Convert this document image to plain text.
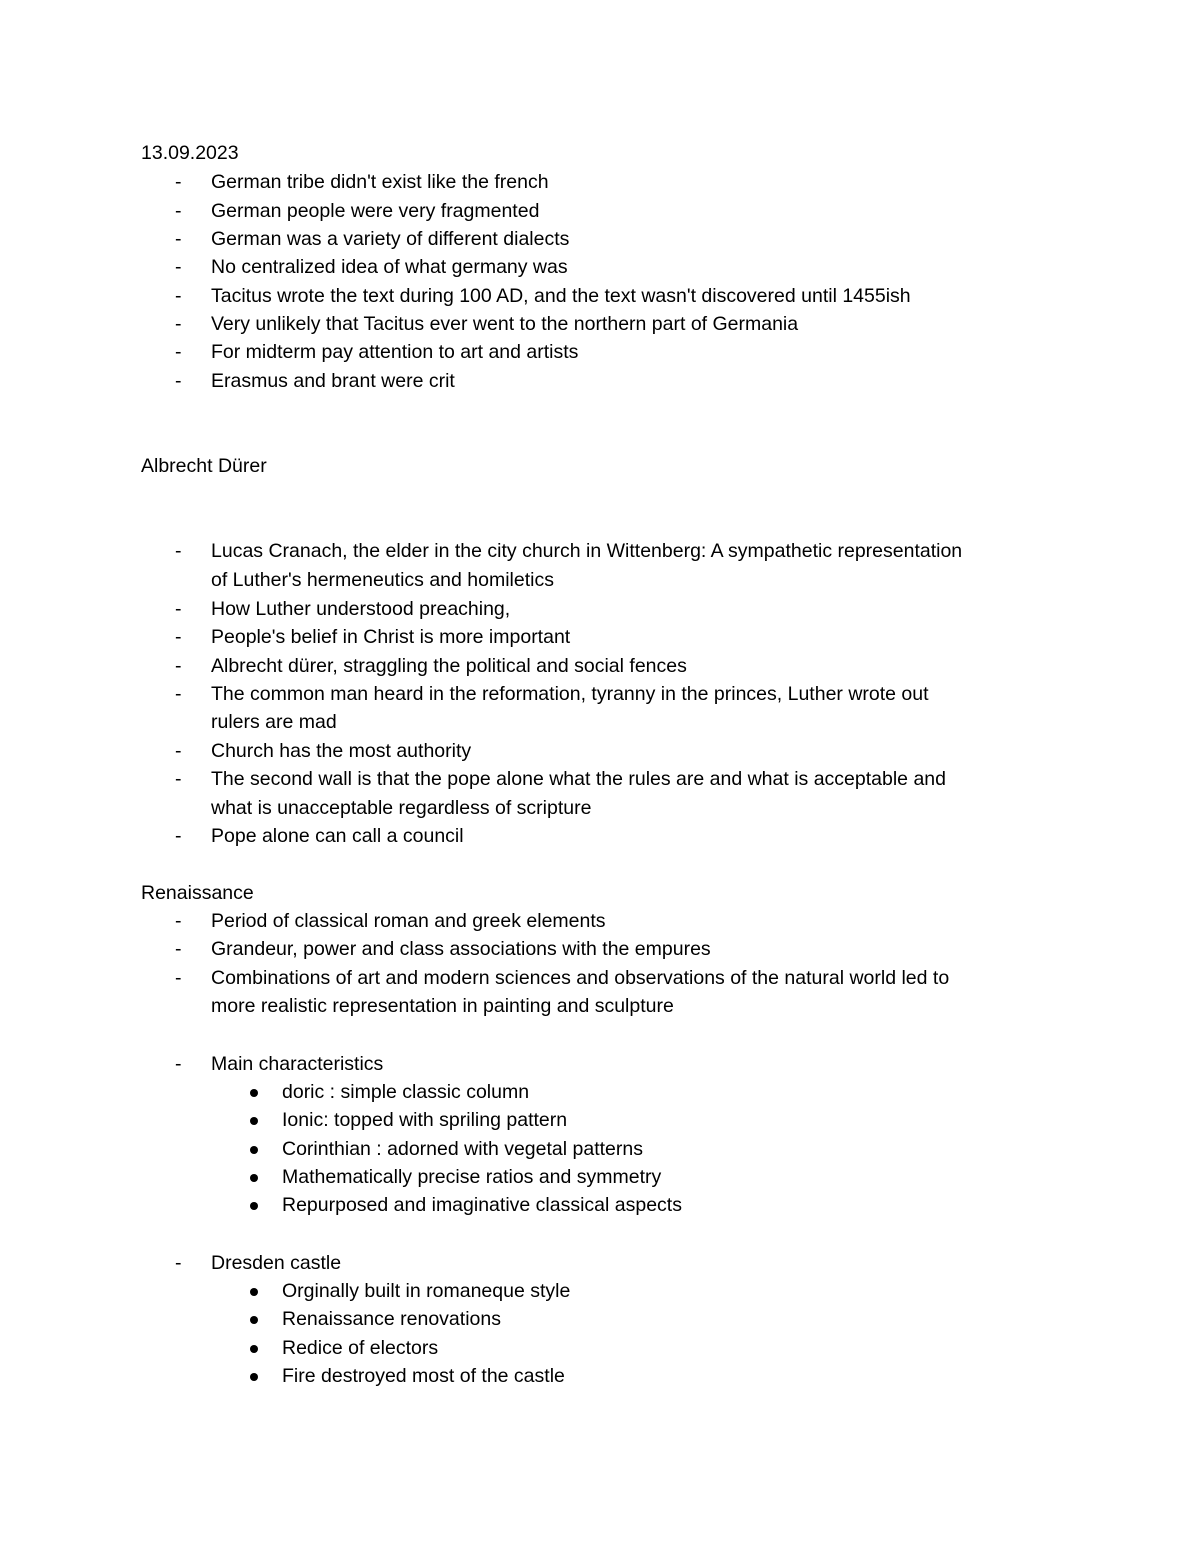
13.09.2023
- German tribe didn't exist like the french
- German people were very fragmented
- German was a variety of different dialects
- No centralized idea of what germany was
- Tacitus wrote the text during 100 AD, and the text wasn't discovered until 1455ish
- Very unlikely that Tacitus ever went to the northern part of Germania
- For midterm pay attention to art and artists
- Erasmus and brant were crit
Albrecht Dürer
- Lucas Cranach, the elder in the city church in Wittenberg: A sympathetic representation
of Luther's hermeneutics and homiletics
- How Luther understood preaching,
- People's belief in Christ is more important
- Albrecht dürer, straggling the political and social fences
- The common man heard in the reformation, tyranny in the princes, Luther wrote out
rulers are mad
- Church has the most authority
- The second wall is that the pope alone what the rules are and what is acceptable and
what is unacceptable regardless of scripture
- Pope alone can call a council
Renaissance
- Period of classical roman and greek elements
- Grandeur, power and class associations with the empures
- Combinations of art and modern sciences and observations of the natural world led to
more realistic representation in painting and sculpture
- Main characteristics
doric : simple classic column
Ionic: topped with spriling pattern
Corinthian : adorned with vegetal patterns
Mathematically precise ratios and symmetry
Repurposed and imaginative classical aspects
- Dresden castle
Orginally built in romaneque style
Renaissance renovations
Redice of electors
Fire destroyed most of the castle
